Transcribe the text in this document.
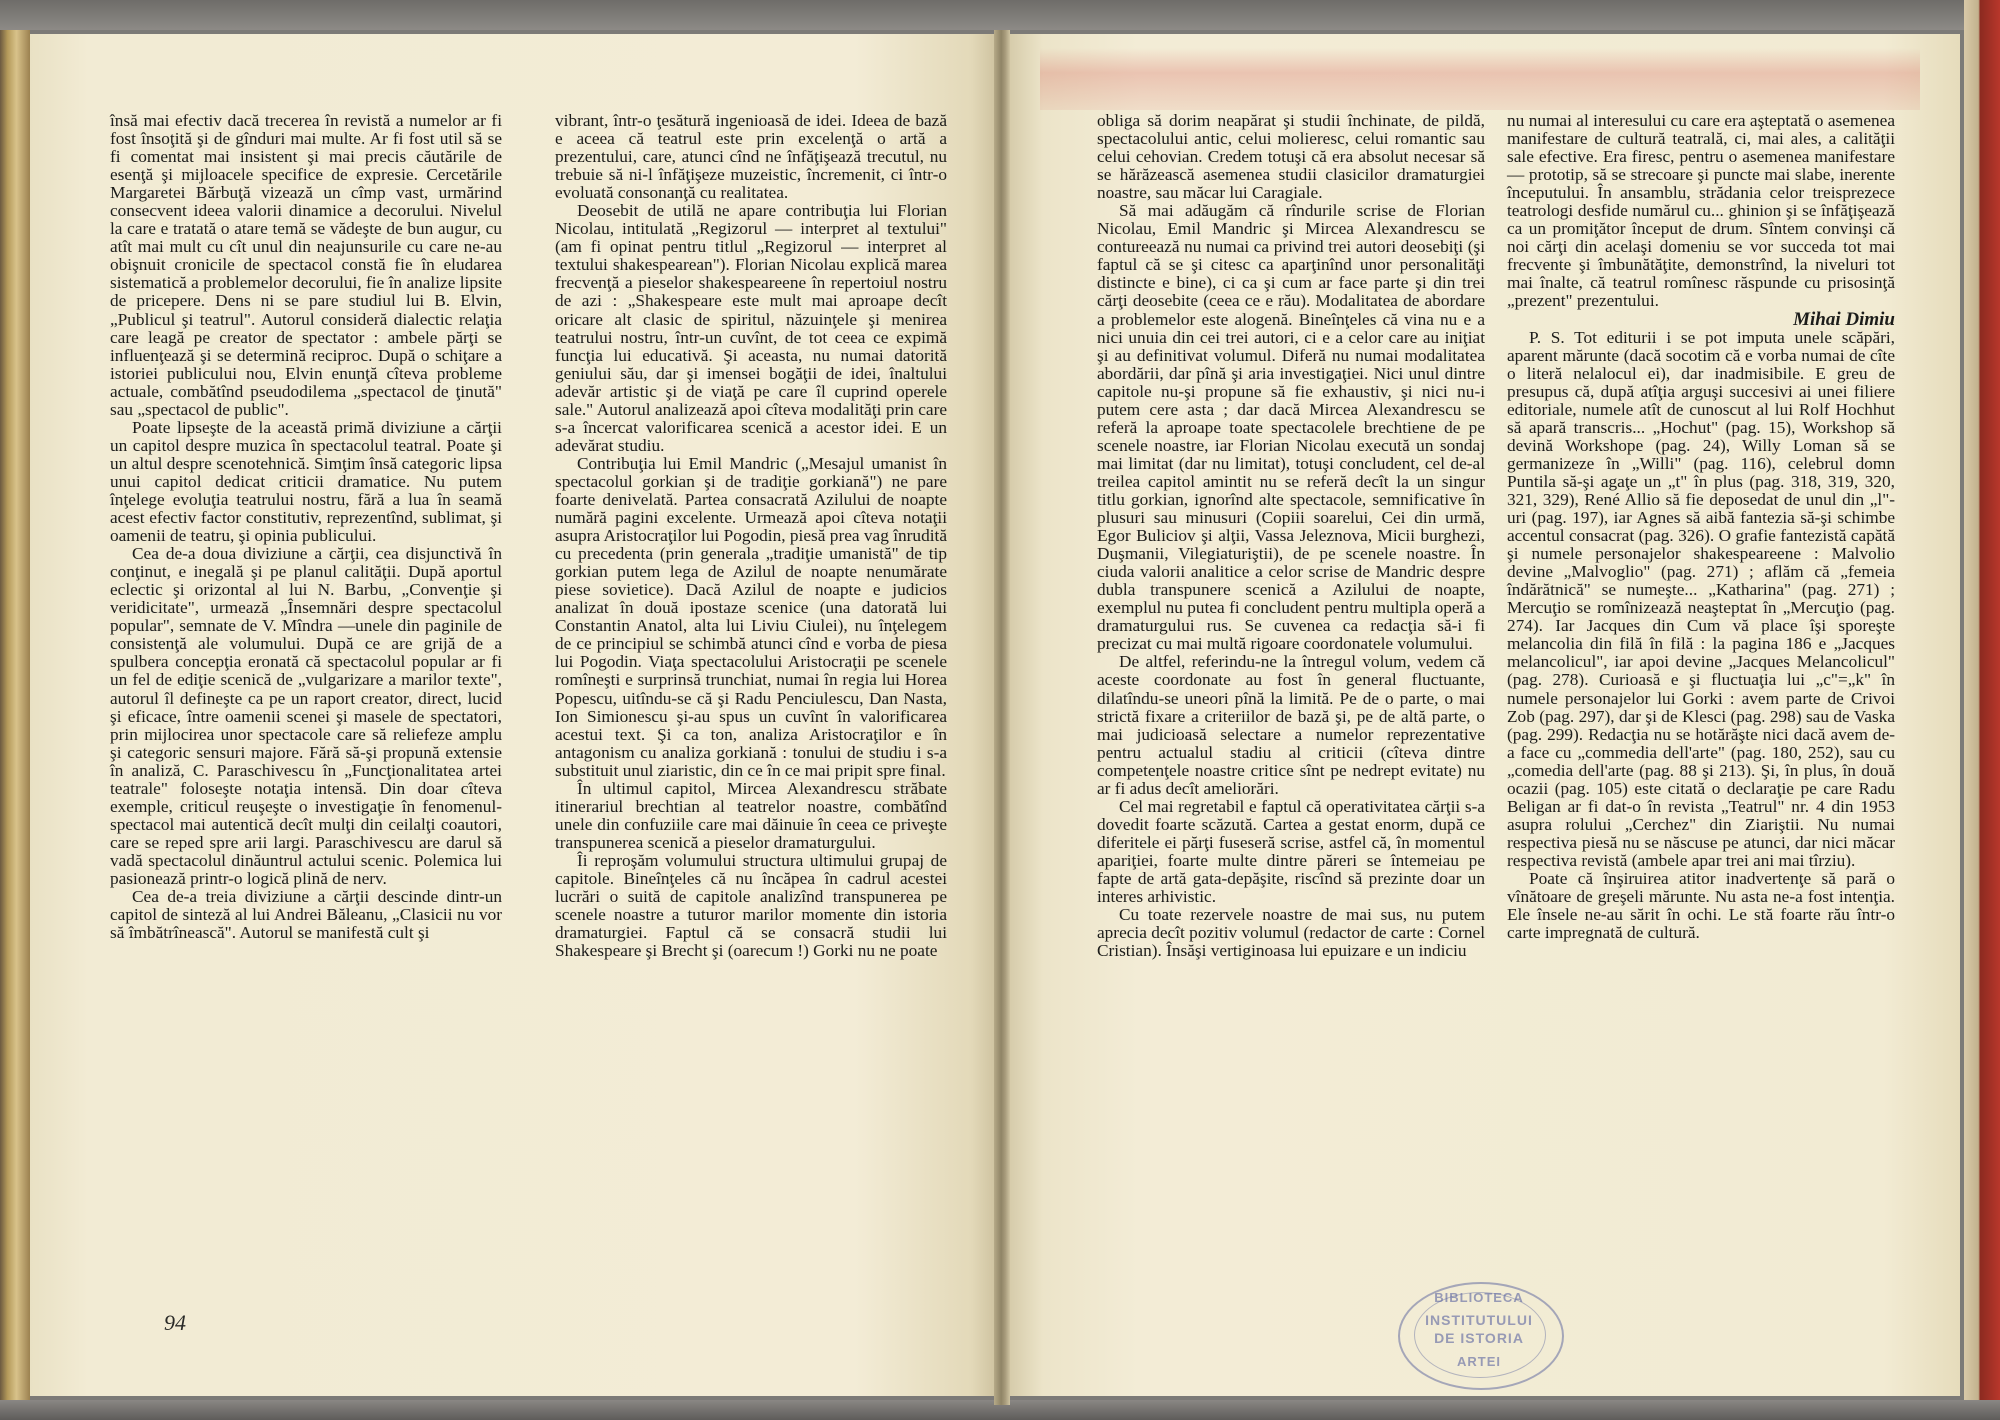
însă mai efectiv dacă trecerea în revistă a numelor ar fi fost însoţită şi de gînduri mai multe. Ar fi fost util să se fi comentat mai insistent şi mai precis căutările de esenţă şi mijloacele specifice de expresie. Cercetările Margaretei Bărbuţă vizează un cîmp vast, urmărind consecvent ideea valorii dinamice a decorului. Nivelul la care e tratată o atare temă se vădeşte de bun augur, cu atît mai mult cu cît unul din neajunsurile cu care ne-au obişnuit cronicile de spectacol constă fie în eludarea sistematică a problemelor decorului, fie în analize lipsite de pricepere. Dens ni se pare studiul lui B. Elvin, „Publicul şi teatrul". Autorul consideră dialectic relaţia care leagă pe creator de spectator : ambele părţi se influenţează şi se determină reciproc. După o schiţare a istoriei publicului nou, Elvin enunţă cîteva probleme actuale, combătînd pseudodilema „spectacol de ţinută" sau „spectacol de public".

Poate lipseşte de la această primă diviziune a cărţii un capitol despre muzica în spectacolul teatral. Poate şi un altul despre scenotehnică. Simţim însă categoric lipsa unui capitol dedicat criticii dramatice. Nu putem înţelege evoluţia teatrului nostru, fără a lua în seamă acest efectiv factor constitutiv, reprezentînd, sublimat, şi oamenii de teatru, şi opinia publicului.

Cea de-a doua diviziune a cărţii, cea disjunctivă în conţinut, e inegală şi pe planul calităţii. După aportul eclectic şi orizontal al lui N. Barbu, „Convenţie şi veridicitate", urmează „Însemnări despre spectacolul popular", semnate de V. Mîndra —unele din paginile de consistenţă ale volumului. După ce are grijă de a spulbera concepţia eronată că spectacolul popular ar fi un fel de ediţie scenică de „vulgarizare a marilor texte", autorul îl defineşte ca pe un raport creator, direct, lucid şi eficace, între oamenii scenei şi masele de spectatori, prin mijlocirea unor spectacole care să reliefeze amplu şi categoric sensuri majore. Fără să-şi propună extensie în analiză, C. Paraschivescu în „Funcţionalitatea artei teatrale" foloseşte notaţia intensă. Din doar cîteva exemple, criticul reuşeşte o investigaţie în fenomenul-spectacol mai autentică decît mulţi din ceilalţi coautori, care se reped spre arii largi. Paraschivescu are darul să vadă spectacolul dinăuntrul actului scenic. Polemica lui pasionează printr-o logică plină de nerv.

Cea de-a treia diviziune a cărţii descinde dintr-un capitol de sinteză al lui Andrei Băleanu, „Clasicii nu vor să îmbătrînească". Autorul se manifestă cult şi

vibrant, într-o ţesătură ingenioasă de idei. Ideea de bază e aceea că teatrul este prin excelenţă o artă a prezentului, care, atunci cînd ne înfăţişează trecutul, nu trebuie să ni-l înfăţişeze muzeistic, încremenit, ci într-o evoluată consonanţă cu realitatea.

Deosebit de utilă ne apare contribuţia lui Florian Nicolau, intitulată „Regizorul — interpret al textului" (am fi opinat pentru titlul „Regizorul — interpret al textului shakespearean"). Florian Nicolau explică marea frecvenţă a pieselor shakespeareene în repertoiul nostru de azi : „Shakespeare este mult mai aproape decît oricare alt clasic de spiritul, năzuinţele şi menirea teatrului nostru, într-un cuvînt, de tot ceea ce expimă funcţia lui educativă. Şi aceasta, nu numai datorită geniului său, dar şi imensei bogăţii de idei, înaltului adevăr artistic şi de viaţă pe care îl cuprind operele sale." Autorul analizează apoi cîteva modalităţi prin care s-a încercat valorificarea scenică a acestor idei. E un adevărat studiu.

Contribuţia lui Emil Mandric („Mesajul umanist în spectacolul gorkian şi de tradiţie gorkiană") ne pare foarte denivelată. Partea consacrată Azilului de noapte numără pagini excelente. Urmează apoi cîteva notaţii asupra Aristocraţilor lui Pogodin, piesă prea vag înrudită cu precedenta (prin generala „tradiţie umanistă" de tip gorkian putem lega de Azilul de noapte nenumărate piese sovietice). Dacă Azilul de noapte e judicios analizat în două ipostaze scenice (una datorată lui Constantin Anatol, alta lui Liviu Ciulei), nu înţelegem de ce principiul se schimbă atunci cînd e vorba de piesa lui Pogodin. Viaţa spectacolului Aristocraţii pe scenele romîneşti e surprinsă trunchiat, numai în regia lui Horea Popescu, uitîndu-se că şi Radu Penciulescu, Dan Nasta, Ion Simionescu şi-au spus un cuvînt în valorificarea acestui text. Şi ca ton, analiza Aristocraţilor e în antagonism cu analiza gorkiană : tonului de studiu i s-a substituit unul ziaristic, din ce în ce mai pripit spre final.

În ultimul capitol, Mircea Alexandrescu străbate itinerariul brechtian al teatrelor noastre, combătînd unele din confuziile care mai dăinuie în ceea ce priveşte transpunerea scenică a pieselor dramaturgului.

Îi reproşăm volumului structura ultimului grupaj de capitole. Bineînţeles că nu încăpea în cadrul acestei lucrări o suită de capitole analizînd transpunerea pe scenele noastre a tuturor marilor momente din istoria dramaturgiei. Faptul că se consacră studii lui Shakespeare şi Brecht şi (oarecum !) Gorki nu ne poate

94

obliga să dorim neapărat şi studii închinate, de pildă, spectacolului antic, celui molieresc, celui romantic sau celui cehovian. Credem totuşi că era absolut necesar să se hărăzească asemenea studii clasicilor dramaturgiei noastre, sau măcar lui Caragiale.

Să mai adăugăm că rîndurile scrise de Florian Nicolau, Emil Mandric şi Mircea Alexandrescu se contureează nu numai ca privind trei autori deosebiţi (şi faptul că se şi citesc ca aparţinînd unor personalităţi distincte e bine), ci ca şi cum ar face parte şi din trei cărţi deosebite (ceea ce e rău). Modalitatea de abordare a problemelor este alogenă. Bineînţeles că vina nu e a nici unuia din cei trei autori, ci e a celor care au iniţiat şi au definitivat volumul. Diferă nu numai modalitatea abordării, dar pînă şi aria investigaţiei. Nici unul dintre capitole nu-şi propune să fie exhaustiv, şi nici nu-i putem cere asta ; dar dacă Mircea Alexandrescu se referă la aproape toate spectacolele brechtiene de pe scenele noastre, iar Florian Nicolau execută un sondaj mai limitat (dar nu limitat), totuşi concludent, cel de-al treilea capitol amintit nu se referă decît la un singur titlu gorkian, ignorînd alte spectacole, semnificative în plusuri sau minusuri (Copiii soarelui, Cei din urmă, Egor Buliciov şi alţii, Vassa Jeleznova, Micii burghezi, Duşmanii, Vilegiaturiştii), de pe scenele noastre. În ciuda valorii analitice a celor scrise de Mandric despre dubla transpunere scenică a Azilului de noapte, exemplul nu putea fi concludent pentru multipla operă a dramaturgului rus. Se cuvenea ca redacţia să-i fi precizat cu mai multă rigoare coordonatele volumului.

De altfel, referindu-ne la întregul volum, vedem că aceste coordonate au fost în general fluctuante, dilatîndu-se uneori pînă la limită. Pe de o parte, o mai strictă fixare a criteriilor de bază şi, pe de altă parte, o mai judicioasă selectare a numelor reprezentative pentru actualul stadiu al criticii (cîteva dintre competenţele noastre critice sînt pe nedrept evitate) nu ar fi adus decît ameliorări.

Cel mai regretabil e faptul că operativitatea cărţii s-a dovedit foarte scăzută. Cartea a gestat enorm, după ce diferitele ei părţi fuseseră scrise, astfel că, în momentul apariţiei, foarte multe dintre păreri se întemeiau pe fapte de artă gata-depăşite, riscînd să prezinte doar un interes arhivistic.

Cu toate rezervele noastre de mai sus, nu putem aprecia decît pozitiv volumul (redactor de carte : Cornel Cristian). Însăşi vertiginoasa lui epuizare e un indiciu

nu numai al interesului cu care era aşteptată o asemenea manifestare de cultură teatrală, ci, mai ales, a calităţii sale efective. Era firesc, pentru o asemenea manifestare — prototip, să se strecoare şi puncte mai slabe, inerente începutului. În ansamblu, strădania celor treisprezece teatrologi desfide numărul cu... ghinion şi se înfăţişează ca un promiţător început de drum. Sîntem convinşi că noi cărţi din acelaşi domeniu se vor succeda tot mai frecvente şi îmbunătăţite, demonstrînd, la niveluri tot mai înalte, că teatrul romînesc răspunde cu prisosinţă „prezent" prezentului.

Mihai Dimiu

P. S. Tot editurii i se pot imputa unele scăpări, aparent mărunte (dacă socotim că e vorba numai de cîte o literă nelalocul ei), dar inadmisibile. E greu de presupus că, după atîţia arguşi succesivi ai unei filiere editoriale, numele atît de cunoscut al lui Rolf Hochhut să apară transcris... „Hochut" (pag. 15), Workshop să devină Workshope (pag. 24), Willy Loman să se germanizeze în „Willi" (pag. 116), celebrul domn Puntila să-şi agaţe un „t" în plus (pag. 318, 319, 320, 321, 329), René Allio să fie deposedat de unul din „l"-uri (pag. 197), iar Agnes să aibă fantezia să-şi schimbe accentul consacrat (pag. 326). O grafie fantezistă capătă şi numele personajelor shakespeareene : Malvolio devine „Malvoglio" (pag. 271) ; aflăm că „femeia îndărătnică" se numeşte... „Katharina" (pag. 271) ; Mercuţio se romînizează neaşteptat în „Mercuţio (pag. 274). Iar Jacques din Cum vă place îşi sporeşte melancolia din filă în filă : la pagina 186 e „Jacques melancolicul", iar apoi devine „Jacques Melancolicul" (pag. 278). Curioasă e şi fluctuaţia lui „c"=„k" în numele personajelor lui Gorki : avem parte de Crivoi Zob (pag. 297), dar şi de Klesci (pag. 298) sau de Vaska (pag. 299). Redacţia nu se hotărăşte nici dacă avem de-a face cu „commedia dell'arte" (pag. 180, 252), sau cu „comedia dell'arte (pag. 88 şi 213). Şi, în plus, în două ocazii (pag. 105) este citată o declaraţie pe care Radu Beligan ar fi dat-o în revista „Teatrul" nr. 4 din 1953 asupra rolului „Cerchez" din Ziariştii. Nu numai respectiva piesă nu se născuse pe atunci, dar nici măcar respectiva revistă (ambele apar trei ani mai tîrziu).

Poate că înşiruirea atitor inadvertenţe să pară o vînătoare de greşeli mărunte. Nu asta ne-a fost intenţia. Ele însele ne-au sărit în ochi. Le stă foarte rău într-o carte impregnată de cultură.

BIBLIOTECA
INSTITUTULUI
DE ISTORIA
ARTEI
